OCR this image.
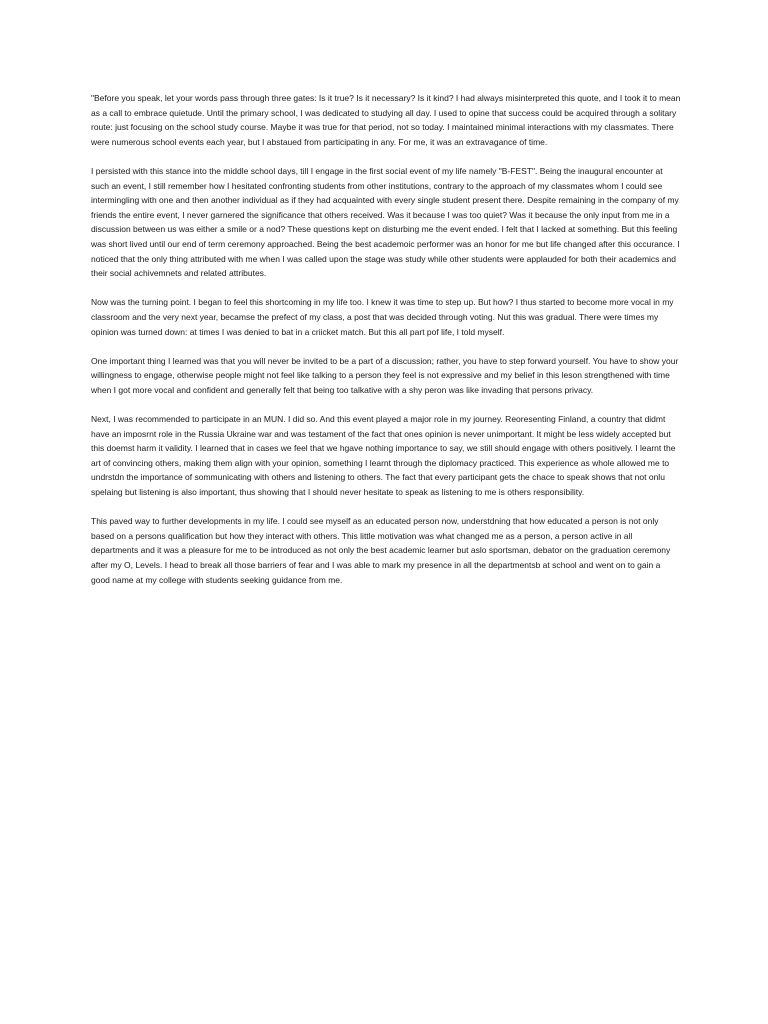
"Before you speak, let your words pass through three gates: Is it true? Is it necessary? Is it kind? I had always misinterpreted this quote, and I took it to mean as a call to embrace quietude. Until the primary school, I was dedicated to studying all day. I used to opine that success could be acquired through a solitary route: just focusing on the school study course. Maybe it was true for that period, not so today. I maintained minimal interactions with my classmates. There were numerous school events each year, but I abstaued from participating in any. For me, it was an extravagance of time.

I persisted with this stance into the middle school days, till I engage in the first social event of my life namely "B-FEST". Being the inaugural encounter at such an event, I still remember how I hesitated confronting students from other institutions, contrary to the approach of my classmates whom I could see intermingling with one and then another individual as if they had acquainted with every single student present there. Despite remaining in the company of my friends the entire event, I never garnered the significance that others received. Was it because I was too quiet? Was it because the only input from me in a discussion between us was either a smile or a nod? These questions kept on disturbing me the event ended. I felt that I lacked at something. But this feeling was short lived until our end of term ceremony approached. Being the best academoic performer was an honor for me but life changed after this occurance. I noticed that the only thing attributed with me when I was called upon the stage was study while other students were applauded for both their academics and their social achivemnets and related attributes.

Now was the turning point. I began to feel this shortcoming in my life too. I knew it was time to step up. But how? I thus started to become more vocal in my classroom and the very next year, becamse the prefect of my class, a post that was decided through voting. Nut this was gradual. There were times my opinion was turned down: at times I was denied to bat in a criicket match. But this all part pof life, I told myself.

One important thing I learned was that you will never be invited to be a part of a discussion; rather, you have to step forward yourself. You have to show your willingness to engage, otherwise people might not feel like talking to a person they feel is not expressive and my belief in this leson strengthened with time when I got more vocal and confident and generally felt that being too talkative with a shy peron was like invading that persons privacy.

Next, I was recommended to participate in an MUN. I did so. And this event played a major role in my journey. Reoresenting Finland, a country that didmt have an imposrnt role in the Russia Ukraine war and was testament of the fact that ones opinion is never unimportant. It might be less widely accepted but this doemst harm it validity. I learned that in cases we feel that we hgave nothing importance to say, we still should engage with others positively. I learnt the art of convincing others, making them align with your opinion, something I learnt through the diplomacy practiced. This experience as whole allowed me to undrstdn the importance of sommunicating with others and listening to others. The fact that every participant gets the chace to speak shows that not onlu spelaing but listening is also important, thus showing that I should never hesitate to speak as listening to me is others responsibility.

This paved way to further developments in my life. I could see myself as an educated person now, understdning that how educated a person is not only based on a persons qualification but how they interact with others. This little motivation was what changed me as a person, a person active in all departments and it was a pleasure for me to be introduced as not only the best academic learner but aslo sportsman, debator on the graduation ceremony after my O, Levels. I head to break all those barriers of fear and I was able to mark my presence in all the departmentsb at school and went on to gain a good name at my college with students seeking guidance from me.
